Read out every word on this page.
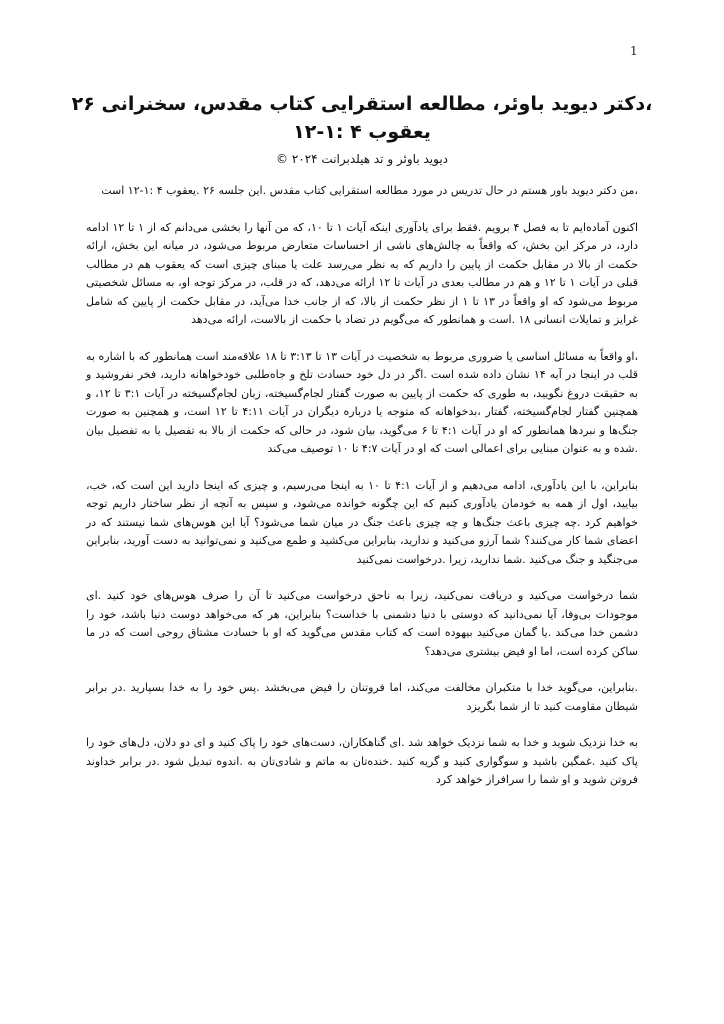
1

،دکتر دیوید باوئر، مطالعه استقرایی کتاب مقدس، سخنرانی ۲۶

یعقوب ۴ :۱-۱۲

دیوید باوئر و تد هیلدبرانت ۲۰۲۴ ©

،من دکتر دیوید باور هستم در حال تدریس در مورد مطالعه استقرایی کتاب مقدس .این جلسه ۲۶ .یعقوب ۴ :۱-۱۲ است

اکنون آماده‌ایم تا به فصل ۴ برویم .فقط برای یادآوری اینکه آیات ۱ تا ۱۰، که من آنها را بخشی می‌دانم که از ۱ تا ۱۲ ادامه دارد، در مرکز این بخش، که واقعاً به چالش‌های ناشی از احساسات متعارض مربوط می‌شود، در میانه این بخش، ارائه حکمت از بالا در مقابل حکمت از پایین را داریم که به نظر می‌رسد علت یا مبنای چیزی است که یعقوب هم در مطالب قبلی در آیات ۱ تا ۱۲ و هم در مطالب بعدی در آیات تا ۱۲ ارائه می‌دهد، که در قلب، در مرکز توجه او، به مسائل شخصیتی مربوط می‌شود که او واقعاً در ۱۳ تا ۱ از نظر حکمت از بالا، که از جانب خدا می‌آید، در مقابل حکمت از پایین که شامل غرایز و تمایلات انسانی ۱۸ .است و همانطور که می‌گویم در تضاد با حکمت از بالاست، ارائه می‌دهد

،او واقعاً به مسائل اساسی یا ضروری مربوط به شخصیت در آیات ۱۳ تا ۳:۱۳ تا ۱۸ علاقه‌مند است همانطور که با اشاره به قلب در اینجا در آیه ۱۴ نشان داده شده است .اگر در دل خود حسادت تلخ و جاه‌طلبی خودخواهانه دارید، فخر نفروشید و به حقیقت دروغ نگویید، به طوری که حکمت از پایین به صورت گفتار لجام‌گسیخته، زبان لجام‌گسیخته در آیات ۳:۱ تا ۱۲، و همچنین گفتار لجام‌گسیخته، گفتار ،بدخواهانه که متوجه یا درباره دیگران در آیات ۴:۱۱ تا ۱۲ است، و همچنین به صورت جنگ‌ها و نبردها همانطور که او در آیات ۴:۱ تا ۶ می‌گوید، بیان شود، در حالی که حکمت از بالا به تفصیل یا به تفصیل بیان .شده و به عنوان مبنایی برای اعمالی است که او در آیات ۴:۷ تا ۱۰ توصیف می‌کند

بنابراین، با این یادآوری، ادامه می‌دهیم و از آیات ۴:۱ تا ۱۰ به اینجا می‌رسیم، و چیزی که اینجا دارید این است که، خب، بیایید، اول از همه به خودمان یادآوری کنیم که این چگونه خوانده می‌شود، و سپس به آنچه از نظر ساختار داریم توجه خواهیم کرد .چه چیزی باعث جنگ‌ها و چه چیزی باعث جنگ در میان شما می‌شود؟ آیا این هوس‌های شما نیستند که در اعضای شما کار می‌کنند؟ شما آرزو می‌کنید و ندارید، بنابراین می‌کشید و طمع می‌کنید و نمی‌توانید به دست آورید، بنابراین می‌جنگید و جنگ می‌کنید .شما ندارید، زیرا .درخواست نمی‌کنید

شما درخواست می‌کنید و دریافت نمی‌کنید، زیرا به ناحق درخواست می‌کنید تا آن را صرف هوس‌های خود کنید .ای موجودات بی‌وفا، آیا نمی‌دانید که دوستی با دنیا دشمنی با خداست؟ بنابراین، هر که می‌خواهد دوست دنیا باشد، خود را دشمن خدا می‌کند .یا گمان می‌کنید بیهوده است که کتاب مقدس می‌گوید که او با حسادت مشتاق روحی است که در ما ساکن کرده است، اما او فیض بیشتری می‌دهد؟

.بنابراین، می‌گوید خدا با متکبران مخالفت می‌کند، اما فروتنان را فیض می‌بخشد .پس خود را به خدا بسپارید .در برابر شیطان مقاومت کنید تا از شما بگریزد

به خدا نزدیک شوید و خدا به شما نزدیک خواهد شد .ای گناهکاران، دست‌های خود را پاک کنید و ای دو دلان، دل‌های خود را پاک کنید .غمگین باشید و سوگواری کنید و گریه کنید .خنده‌تان به ماتم و شادی‌تان به .اندوه تبدیل شود .در برابر خداوند فروتن شوید و او شما را سرافراز خواهد کرد
